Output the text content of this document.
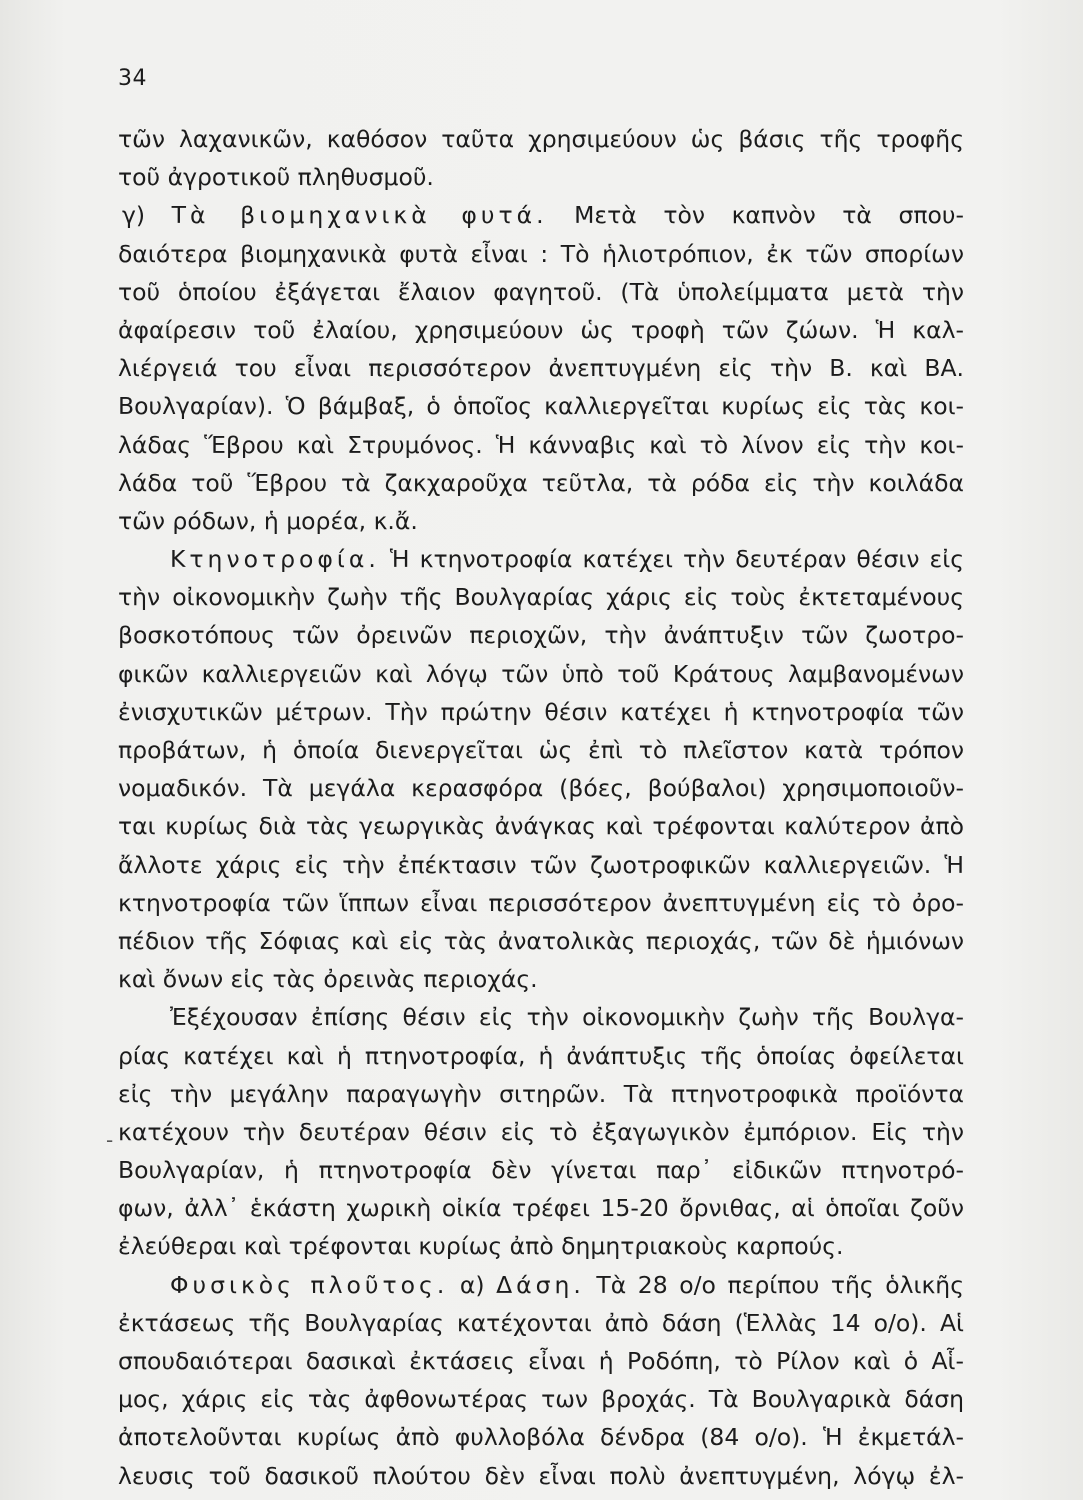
34
-
τῶν λαχανικῶν, καθόσον ταῦτα χρησιμεύουν ὡς βάσις τῆς τροφῆς
τοῦ ἀγροτικοῦ πληθυσμοῦ.
γ) Τὰ βιομηχανικὰ φυτά. Μετὰ τὸν καπνὸν τὰ σπου-
δαιότερα βιομηχανικὰ φυτὰ εἶναι : Τὸ ἡλιοτρόπιον, ἐκ τῶν σπορίων
τοῦ ὁποίου ἐξάγεται ἔλαιον φαγητοῦ. (Τὰ ὑπολείμματα μετὰ τὴν
ἀφαίρεσιν τοῦ ἐλαίου, χρησιμεύουν ὡς τροφὴ τῶν ζώων. Ἡ καλ-
λιέργειά του εἶναι περισσότερον ἀνεπτυγμένη εἰς τὴν Β. καὶ ΒΑ.
Βουλγαρίαν). Ὁ βάμβαξ, ὁ ὁποῖος καλλιεργεῖται κυρίως εἰς τὰς κοι-
λάδας Ἕβρου καὶ Στρυμόνος. Ἡ κάνναβις καὶ τὸ λίνον εἰς τὴν κοι-
λάδα τοῦ Ἕβρου τὰ ζακχαροῦχα τεῦτλα, τὰ ρόδα εἰς τὴν κοιλάδα
τῶν ρόδων, ἡ μορέα, κ.ἄ.
Κτηνοτροφία. Ἡ κτηνοτροφία κατέχει τὴν δευτέραν θέσιν εἰς
τὴν οἰκονομικὴν ζωὴν τῆς Βουλγαρίας χάρις εἰς τοὺς ἐκτεταμένους
βοσκοτόπους τῶν ὀρεινῶν περιοχῶν, τὴν ἀνάπτυξιν τῶν ζωοτρο-
φικῶν καλλιεργειῶν καὶ λόγῳ τῶν ὑπὸ τοῦ Κράτους λαμβανομένων
ἐνισχυτικῶν μέτρων. Τὴν πρώτην θέσιν κατέχει ἡ κτηνοτροφία τῶν
προβάτων, ἡ ὁποία διενεργεῖται ὡς ἐπὶ τὸ πλεῖστον κατὰ τρόπον
νομαδικόν. Τὰ μεγάλα κερασφόρα (βόες, βούβαλοι) χρησιμοποιοῦν-
ται κυρίως διὰ τὰς γεωργικὰς ἀνάγκας καὶ τρέφονται καλύτερον ἀπὸ
ἄλλοτε χάρις εἰς τὴν ἐπέκτασιν τῶν ζωοτροφικῶν καλλιεργειῶν. Ἡ
κτηνοτροφία τῶν ἵππων εἶναι περισσότερον ἀνεπτυγμένη εἰς τὸ ὀρο-
πέδιον τῆς Σόφιας καὶ εἰς τὰς ἀνατολικὰς περιοχάς, τῶν δὲ ἡμιόνων
καὶ ὄνων εἰς τὰς ὀρεινὰς περιοχάς.
Ἐξέχουσαν ἐπίσης θέσιν εἰς τὴν οἰκονομικὴν ζωὴν τῆς Βουλγα-
ρίας κατέχει καὶ ἡ πτηνοτροφία, ἡ ἀνάπτυξις τῆς ὁποίας ὀφείλεται
εἰς τὴν μεγάλην παραγωγὴν σιτηρῶν. Τὰ πτηνοτροφικὰ προϊόντα
κατέχουν τὴν δευτέραν θέσιν εἰς τὸ ἐξαγωγικὸν ἐμπόριον. Εἰς τὴν
Βουλγαρίαν, ἡ πτηνοτροφία δὲν γίνεται παρ᾽ εἰδικῶν πτηνοτρό-
φων, ἀλλ᾽ ἑκάστη χωρικὴ οἰκία τρέφει 15-20 ὄρνιθας, αἱ ὁποῖαι ζοῦν
ἐλεύθεραι καὶ τρέφονται κυρίως ἀπὸ δημητριακοὺς καρπούς.
Φυσικὸς πλοῦτος. α) Δάση. Τὰ 28 ο/ο περίπου τῆς ὁλικῆς
ἐκτάσεως τῆς Βουλγαρίας κατέχονται ἀπὸ δάση (Ἑλλὰς 14 ο/ο). Αἱ
σπουδαιότεραι δασικαὶ ἐκτάσεις εἶναι ἡ Ροδόπη, τὸ Ρίλον καὶ ὁ Αἷ-
μος, χάρις εἰς τὰς ἀφθονωτέρας των βροχάς. Τὰ Βουλγαρικὰ δάση
ἀποτελοῦνται κυρίως ἀπὸ φυλλοβόλα δένδρα (84 ο/ο). Ἡ ἐκμετάλ-
λευσις τοῦ δασικοῦ πλούτου δὲν εἶναι πολὺ ἀνεπτυγμένη, λόγῳ ἐλ-
